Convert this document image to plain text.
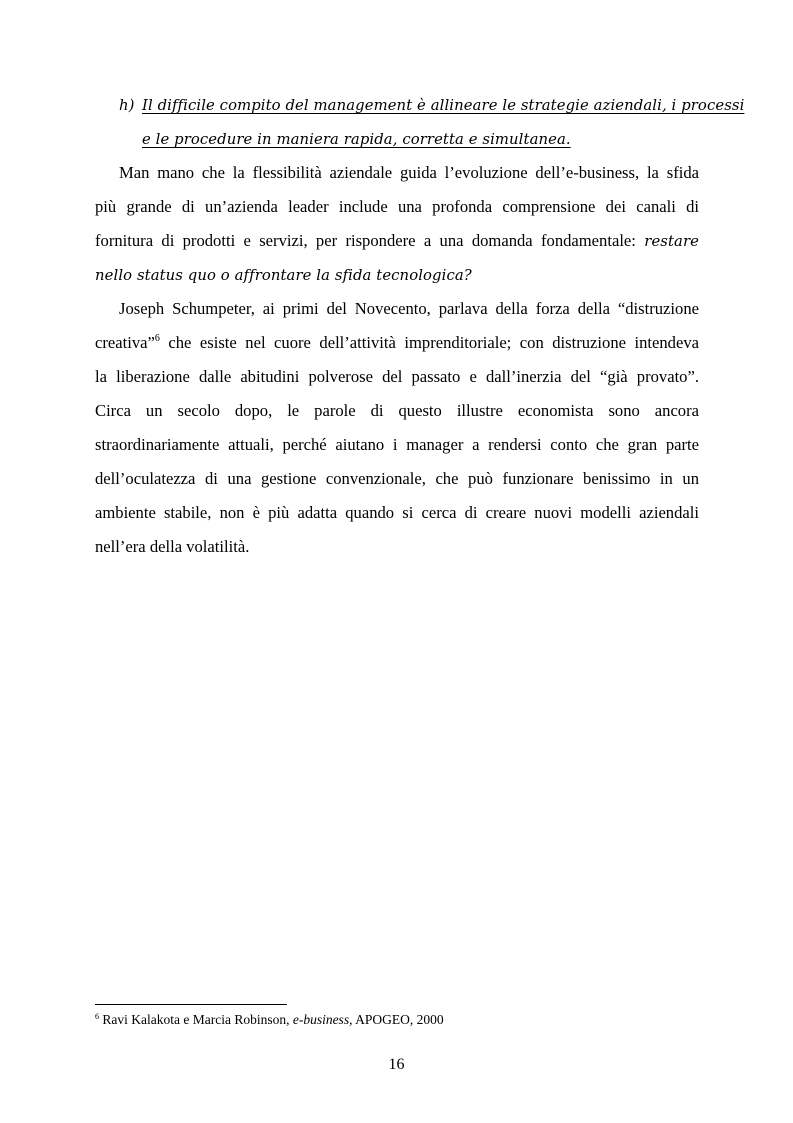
h) Il difficile compito del management è allineare le strategie aziendali, i processi
e le procedure in maniera rapida, corretta e simultanea.
Man mano che la flessibilità aziendale guida l’evoluzione dell’e-business, la sfida
più grande di un’azienda leader include una profonda comprensione dei canali di
fornitura di prodotti e servizi, per rispondere a una domanda fondamentale: restare
nello status quo o affrontare la sfida tecnologica?
Joseph Schumpeter, ai primi del Novecento, parlava della forza della “distruzione
creativa”$^6$ che esiste nel cuore dell’attività imprenditoriale; con distruzione intendeva
la liberazione dalle abitudini polverose del passato e dall’inerzia del “già provato”.
Circa un secolo dopo, le parole di questo illustre economista sono ancora
straordinariamente attuali, perché aiutano i manager a rendersi conto che gran parte
dell’oculatezza di una gestione convenzionale, che può funzionare benissimo in un
ambiente stabile, non è più adatta quando si cerca di creare nuovi modelli aziendali
nell’era della volatilità.
$^6$ Ravi Kalakota e Marcia Robinson, e-business, APOGEO, 2000
16
